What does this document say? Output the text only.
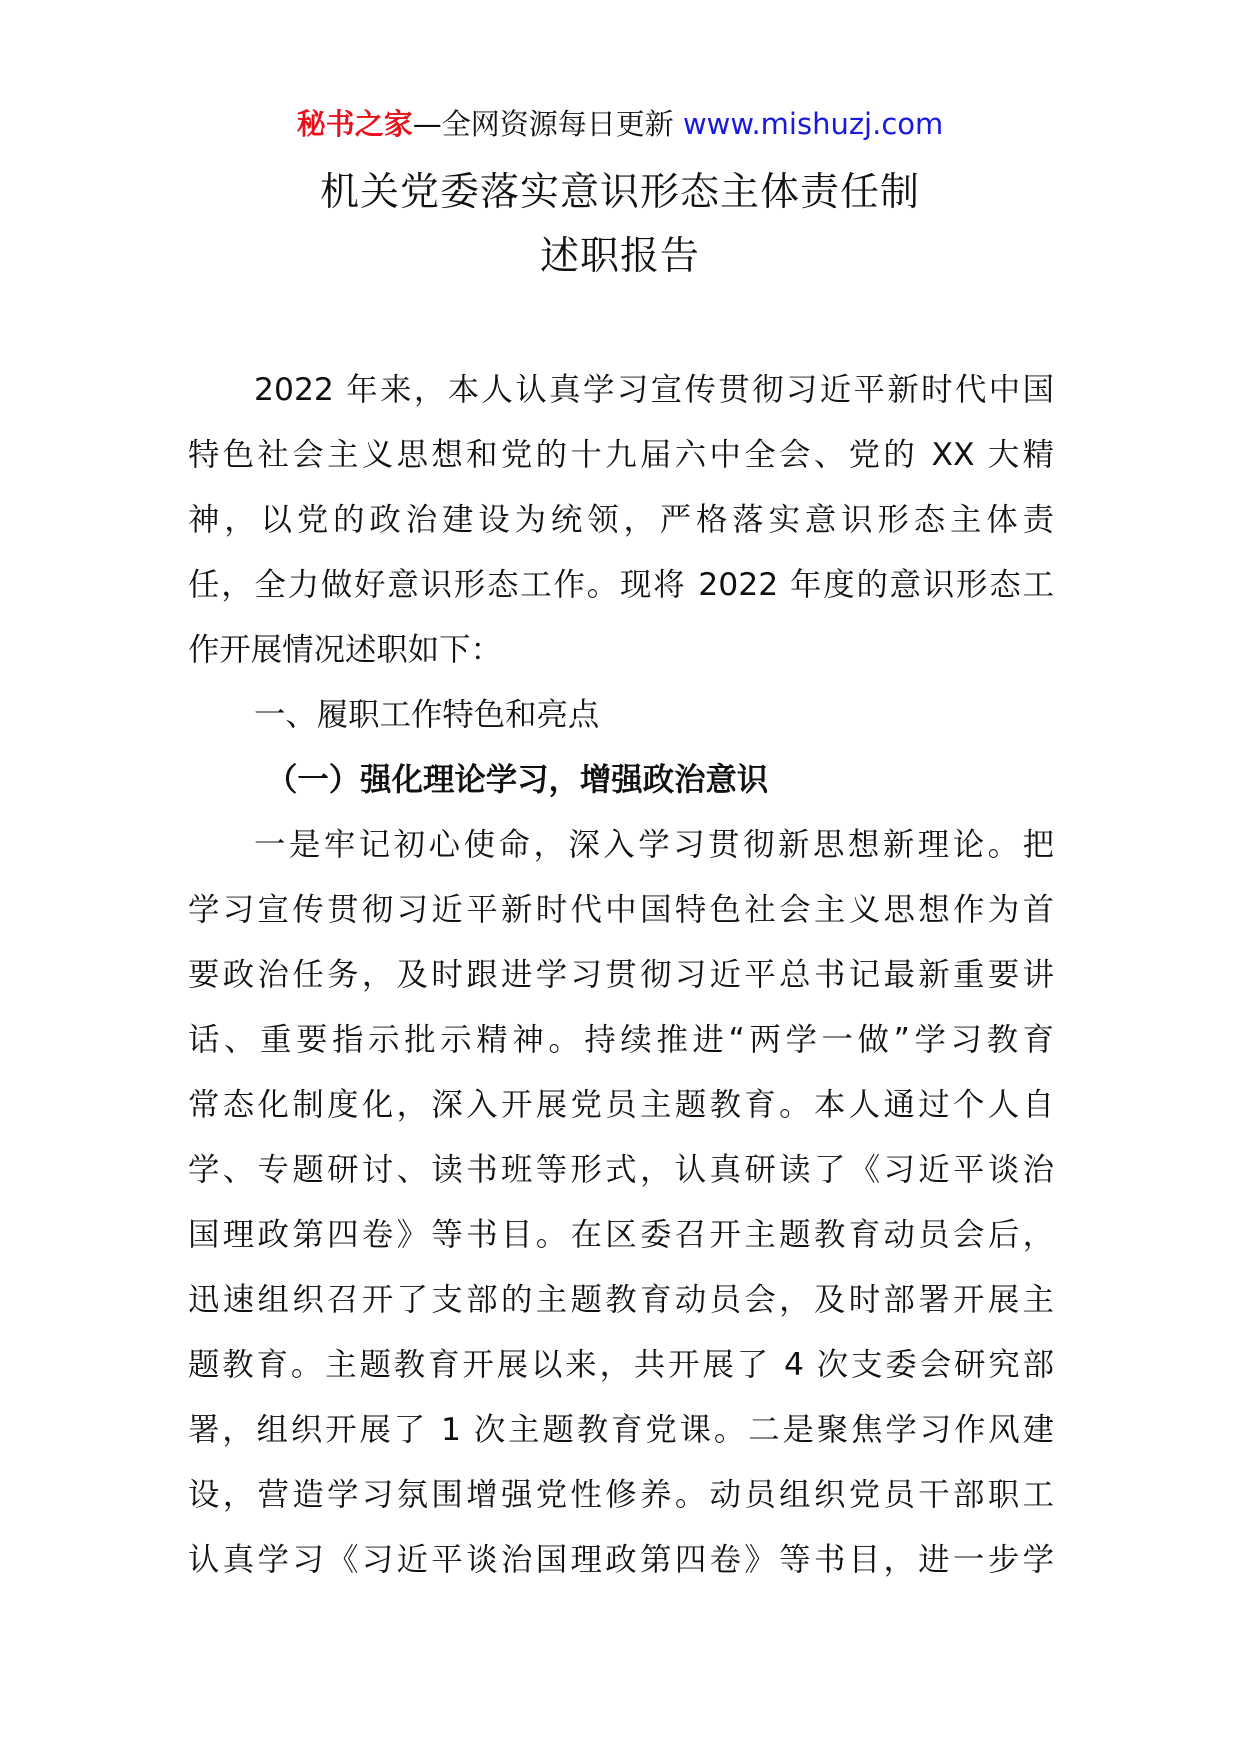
秘书之家—全网资源每日更新 www.mishuzj.com
机关党委落实意识形态主体责任制
述职报告
2022 年来，本人认真学习宣传贯彻习近平新时代中国
特色社会主义思想和党的十九届六中全会、党的 XX 大精
神，以党的政治建设为统领，严格落实意识形态主体责
任，全力做好意识形态工作。现将 2022 年度的意识形态工
作开展情况述职如下：
一、履职工作特色和亮点
（一）强化理论学习，增强政治意识
一是牢记初心使命，深入学习贯彻新思想新理论。把
学习宣传贯彻习近平新时代中国特色社会主义思想作为首
要政治任务，及时跟进学习贯彻习近平总书记最新重要讲
话、重要指示批示精神。持续推进“两学一做”学习教育
常态化制度化，深入开展党员主题教育。本人通过个人自
学、专题研讨、读书班等形式，认真研读了《习近平谈治
国理政第四卷》等书目。在区委召开主题教育动员会后，
迅速组织召开了支部的主题教育动员会，及时部署开展主
题教育。主题教育开展以来，共开展了 4 次支委会研究部
署，组织开展了 1 次主题教育党课。二是聚焦学习作风建
设，营造学习氛围增强党性修养。动员组织党员干部职工
认真学习《习近平谈治国理政第四卷》等书目，进一步学
